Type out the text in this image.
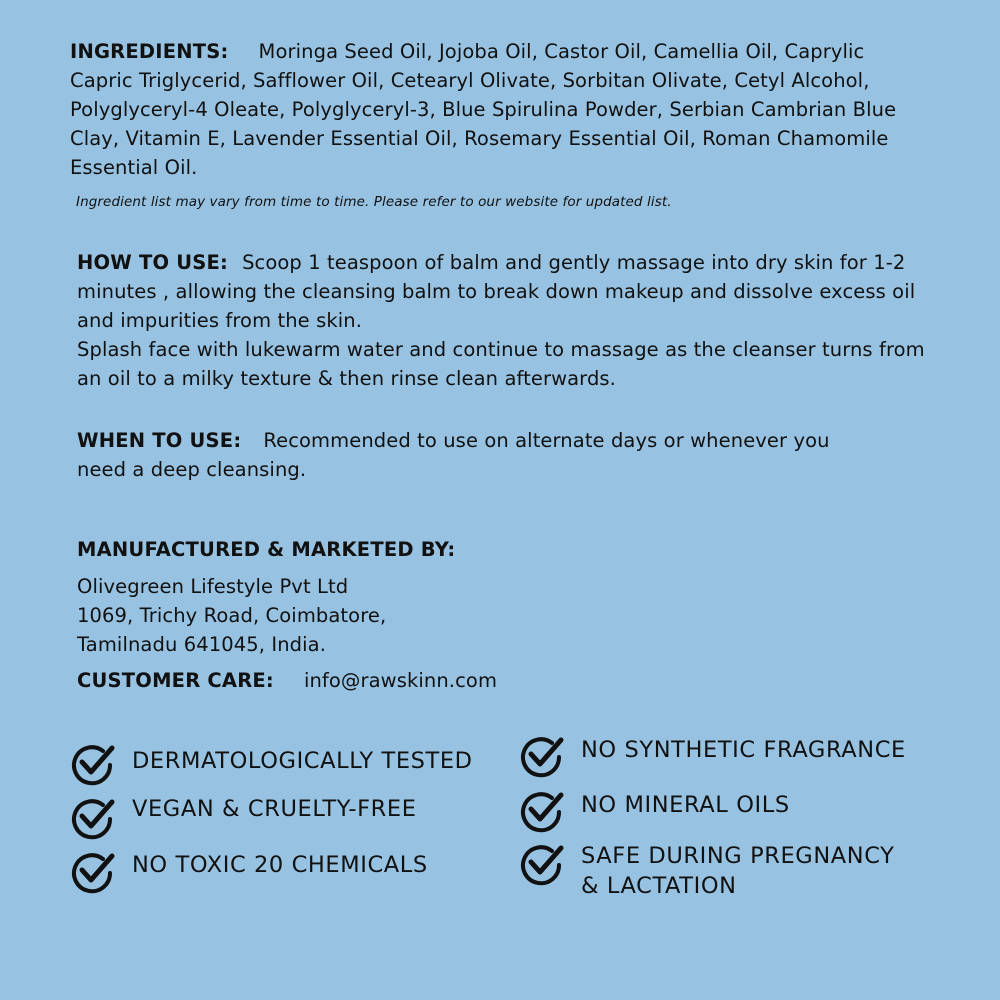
INGREDIENTS: Moringa Seed Oil, Jojoba Oil, Castor Oil, Camellia Oil, Caprylic Capric Triglycerid, Safflower Oil, Cetearyl Olivate, Sorbitan Olivate, Cetyl Alcohol, Polyglyceryl-4 Oleate, Polyglyceryl-3, Blue Spirulina Powder, Serbian Cambrian Blue Clay, Vitamin E, Lavender Essential Oil, Rosemary Essential Oil, Roman Chamomile Essential Oil.

Ingredient list may vary from time to time. Please refer to our website for updated list.

HOW TO USE: Scoop 1 teaspoon of balm and gently massage into dry skin for 1-2 minutes , allowing the cleansing balm to break down makeup and dissolve excess oil and impurities from the skin.

Splash face with lukewarm water and continue to massage as the cleanser turns from an oil to a milky texture & then rinse clean afterwards.

WHEN TO USE: Recommended to use on alternate days or whenever you need a deep cleansing.

MANUFACTURED & MARKETED BY:
Olivegreen Lifestyle Pvt Ltd
1069, Trichy Road, Coimbatore,
Tamilnadu 641045, India.
CUSTOMER CARE: info@rawskinn.com
DERMATOLOGICALLY TESTED
VEGAN & CRUELTY-FREE
NO TOXIC 20 CHEMICALS
NO SYNTHETIC FRAGRANCE
NO MINERAL OILS
SAFE DURING PREGNANCY
& LACTATION
